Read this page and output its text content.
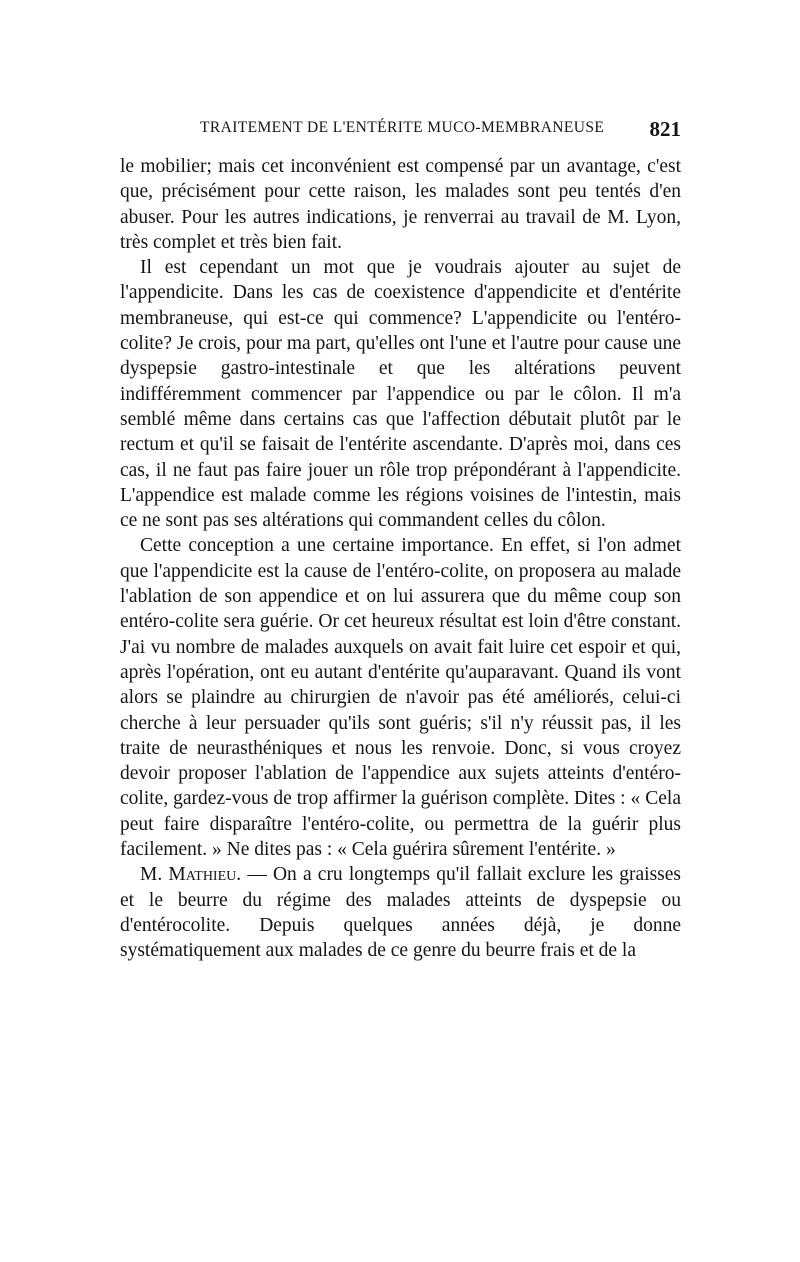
TRAITEMENT DE L'ENTÉRITE MUCO-MEMBRANEUSE 821

le mobilier; mais cet inconvénient est compensé par un avantage, c'est que, précisément pour cette raison, les malades sont peu tentés d'en abuser. Pour les autres indications, je renverrai au travail de M. Lyon, très complet et très bien fait.

Il est cependant un mot que je voudrais ajouter au sujet de l'appendicite. Dans les cas de coexistence d'appendicite et d'entérite membraneuse, qui est-ce qui commence? L'appendicite ou l'entéro-colite? Je crois, pour ma part, qu'elles ont l'une et l'autre pour cause une dyspepsie gastro-intestinale et que les altérations peuvent indifféremment commencer par l'appendice ou par le côlon. Il m'a semblé même dans certains cas que l'affection débutait plutôt par le rectum et qu'il se faisait de l'entérite ascendante. D'après moi, dans ces cas, il ne faut pas faire jouer un rôle trop prépondérant à l'appendicite. L'appendice est malade comme les régions voisines de l'intestin, mais ce ne sont pas ses altérations qui commandent celles du côlon.

Cette conception a une certaine importance. En effet, si l'on admet que l'appendicite est la cause de l'entéro-colite, on proposera au malade l'ablation de son appendice et on lui assurera que du même coup son entéro-colite sera guérie. Or cet heureux résultat est loin d'être constant. J'ai vu nombre de malades auxquels on avait fait luire cet espoir et qui, après l'opération, ont eu autant d'entérite qu'auparavant. Quand ils vont alors se plaindre au chirurgien de n'avoir pas été améliorés, celui-ci cherche à leur persuader qu'ils sont guéris; s'il n'y réussit pas, il les traite de neurasthéniques et nous les renvoie. Donc, si vous croyez devoir proposer l'ablation de l'appendice aux sujets atteints d'entéro-colite, gardez-vous de trop affirmer la guérison complète. Dites : « Cela peut faire disparaître l'entéro-colite, ou permettra de la guérir plus facilement. » Ne dites pas : « Cela guérira sûrement l'entérite. »

M. Mathieu. — On a cru longtemps qu'il fallait exclure les graisses et le beurre du régime des malades atteints de dyspepsie ou d'entérocolite. Depuis quelques années déjà, je donne systématiquement aux malades de ce genre du beurre frais et de la
